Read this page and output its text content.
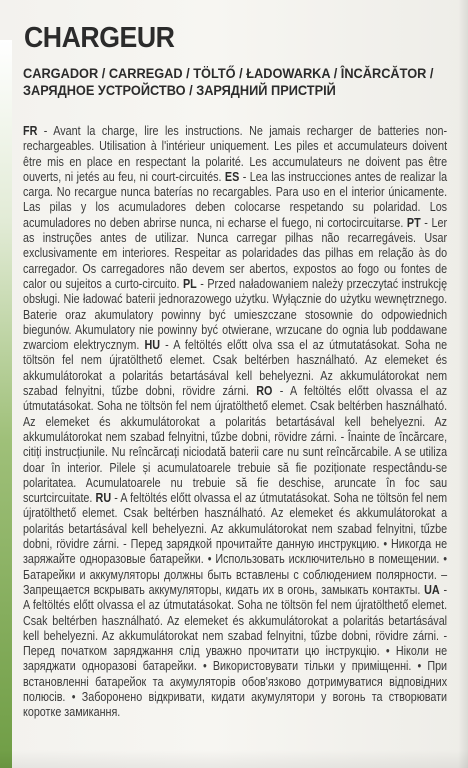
CHARGEUR
CARGADOR / CARREGAD / TÖLTŐ / ŁADOWARKA / ÎNCĂRCĂTOR /
ЗАРЯДНОЕ УСТРОЙСТВО / ЗАРЯДНИЙ ПРИСТРІЙ
FR - Avant la charge, lire les instructions. Ne jamais recharger de batteries non-rechargeables. Utilisation à l'intérieur uniquement. Les piles et accumulateurs doivent être mis en place en respectant la polarité. Les accumulateurs ne doivent pas être ouverts, ni jetés au feu, ni court-circuités. ES - Lea las instrucciones antes de realizar la carga. No recargue nunca baterías no recargables. Para uso en el interior únicamente. Las pilas y los acumuladores deben colocarse respetando su polaridad. Los acumuladores no deben abrirse nunca, ni echarse el fuego, ni cortocircuitarse. PT - Ler as instruções antes de utilizar. Nunca carregar pilhas não recarregáveis. Usar exclusivamente em interiores. Respeitar as polaridades das pilhas em relação às do carregador. Os carregadores não devem ser abertos, expostos ao fogo ou fontes de calor ou sujeitos a curto-circuito. PL - Przed naładowaniem należy przeczytać instrukcję obsługi. Nie ładować baterii jednorazowego użytku. Wyłącznie do użytku wewnętrznego. Baterie oraz akumulatory powinny być umieszczane stosownie do odpowiednich biegunów. Akumulatory nie powinny być otwierane, wrzucane do ognia lub poddawane zwarciom elektrycznym. HU - A feltöltés előtt olva ssa el az útmutatásokat. Soha ne töltsön fel nem újratölthető elemet. Csak beltérben használható. Az elemeket és akkumulátorokat a polaritás betartásával kell behelyezni. Az akkumulátorokat nem szabad felnyitni, tűzbe dobni, rövidre zárni. RO - A feltöltés előtt olvassa el az útmutatásokat. Soha ne töltsön fel nem újratölthető elemet. Csak beltérben használható. Az elemeket és akkumulátorokat a polaritás betartásával kell behelyezni. Az akkumulátorokat nem szabad felnyitni, tűzbe dobni, rövidre zárni. - Înainte de încărcare, citiți instrucțiunile. Nu reîncărcați niciodată baterii care nu sunt reîncărcabile. A se utiliza doar în interior. Pilele și acumulatoarele trebuie să fie poziționate respectându-se polaritatea. Acumulatoarele nu trebuie să fie deschise, aruncate în foc sau scurtcircuitate. RU - A feltöltés előtt olvassa el az útmutatásokat. Soha ne töltsön fel nem újratölthető elemet. Csak beltérben használható. Az elemeket és akkumulátorokat a polaritás betartásával kell behelyezni. Az akkumulátorokat nem szabad felnyitni, tűzbe dobni, rövidre zárni. - Перед зарядкой прочитайте данную инструкцию. • Никогда не заряжайте одноразовые батарейки. • Использовать исключительно в помещении. • Батарейки и аккумуляторы должны быть вставлены с соблюдением полярности. – Запрещается вскрывать аккумуляторы, кидать их в огонь, замыкать контакты. UA - A feltöltés előtt olvassa el az útmutatásokat. Soha ne töltsön fel nem újratölthető elemet. Csak beltérben használható. Az elemeket és akkumulátorokat a polaritás betartásával kell behelyezni. Az akkumulátorokat nem szabad felnyitni, tűzbe dobni, rövidre zárni. - Перед початком заряджання слід уважно прочитати цю інструкцію. • Ніколи не заряджати одноразові батарейки. • Використовувати тільки у приміщенні. • При встановленні батарейок та акумуляторів обов'язково дотримуватися відповідних полюсів. • Заборонено відкривати, кидати акумулятори у вогонь та створювати коротке замикання.
